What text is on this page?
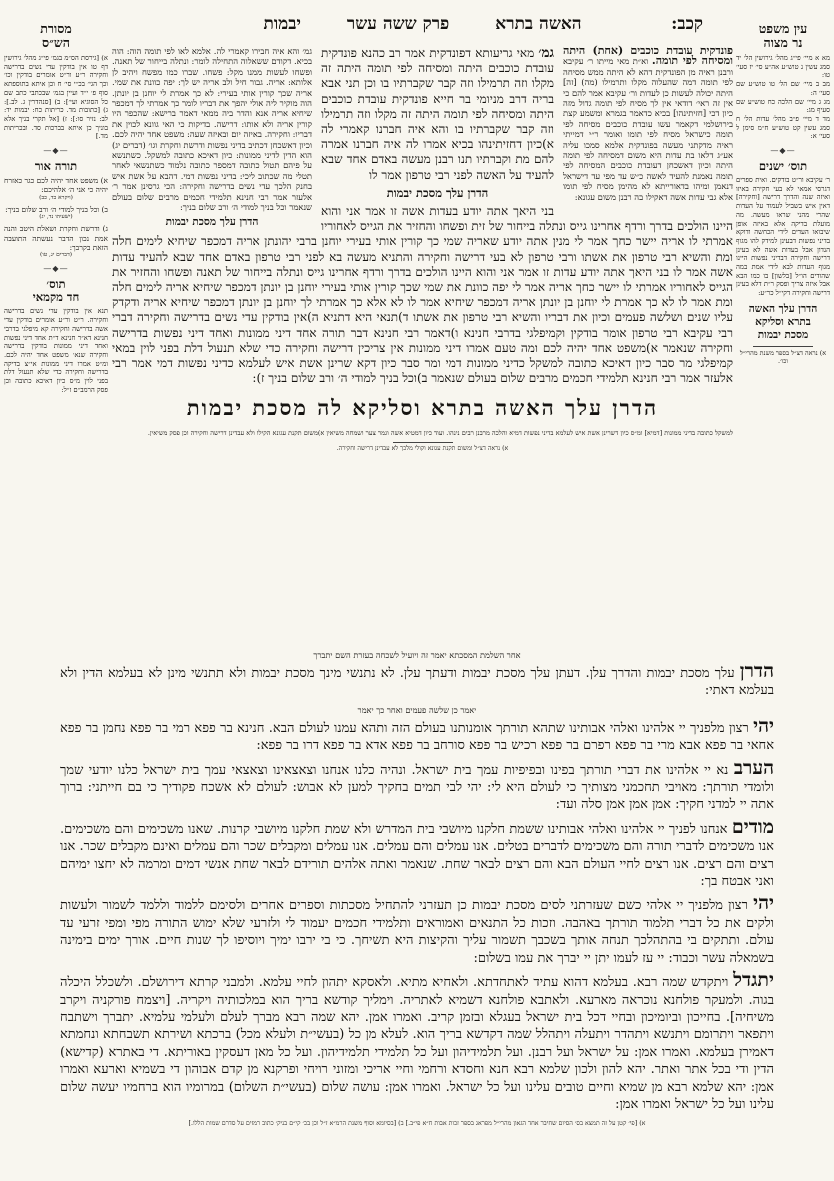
האשה בתרא
פרק ששה עשר
יבמות	קכב:	עין משפט
נר מצוה
מא א מיי׳ פי״ג מהל׳ גירושין הל׳ יד סמג עשין נ טוש״ע אה״ע סי׳ יז סעי׳ טו:
מב ב מיי׳ שם הל׳ טו טוש״ע שם סעי׳ ה:
מג ג מיי׳ שם הלכה כח טוש״ע שם סעיף מג:
מד ד מיי׳ פ״ב מהל׳ עדות הל׳ ח סמג עשין קט טוש״ע ח״מ סימן ל סעי׳ א:
—◆—
תוס׳ ישנים
ר׳ עקיבא ור״ט בודקים. ואית ספרים דגרסי אמאי לא בעי חקירה באיזו ואיזה שנה והדרך דרישה [וחקירה] דאין איש בשביל לעמוד על העדות שהרי מהני שראו מעשה. מה מועלת בדיקה אלא באיזה אופן שיבואו העדים לידי הכחשה ודוקא בדיני נפשות דבעינן למידק להו מגוף הנדון אבל בעדות אשה לא בעינן דרישה וחקירה דבדיני נפשות היינו מגוף העדות לבא לידי אמת במה שהודים הו״ל [בלשון] בו כמו הבא אבל איזה צריך ופסק ר״ת דלא בעינן דרישה וחקירה דקי״ל כר״ע:
הדרן עלך האשה
בתרא וסליקא
מסכת יבמות
א) נראה דצ״ל בספר משנת מהרי״ל וכו׳.
מסורת
הש״ס
א) [גירסת הס״מ בגמ׳ פי״ג מהל׳ גירושין דף טו אין בודקין עדי נשים בדרישה וחקירה ר״ע ור״ט אומרים בודקין וכו׳ וכך הגי׳ בכ״י סי׳ ח וכן איתא בתוספתא סוף פ׳ י״ד ועיין בגמ׳ שבכתבי כתב שם כל הסוגיא ועי׳]: ב) [סנהדרין ג. לב.]: ג) [כתובות מד. כריתות כח: יבמות יד: לב: נזיר סו:]: ז) [אל תקרי בניך אלא בוניך כן איתא בברכות סד. ובכריתות מד.]
—◆—
תורה אור
א) משפט אחד יהיה לכם כגר כאזרח יהיה כי אני ה׳ אלהיכם:
(ויקרא כד, כב)
ב) וכל בניך למודי ה׳ ורב שלום בניך:
(ישעיהו נד, יג)
ג) ודרשת וחקרת ושאלת היטב והנה אמת נכון הדבר נעשתה התועבה הזאת בקרבך:
(דברים יג, טו)
—◆—
תוס׳
חד מקמאי
תנא אין בודקין עדי נשים בדרישה וחקירה. ר״ט ור״ע אומרים בודקין עדי אשה בדרישה וחקירה קא מיפלגי בדרבי חנינא דא״ר חנינא ד״ת אחד דיני נפשות ואחד דיני ממונות בודקין בדרישה וחקירה שנא׳ משפט אחד יהיה לכם. ומ״ט אמרו דיני ממונות אי״צ בדיקה בדרישה וחקירה כדי שלא תנעול דלת בפני לוין מ״ס כיון דאיכא כתובה וכן פסק הרמב״ם ז״ל:
פונדקית עובדת כוכבים (אחת) היתה ומסיחה לפי תומה. וא״ת מאי מייתו ר׳ עקיבא ורבנן ראיה מן הפונדקית דהא לא היתה ממש מסיחה לפי תומה דמה שהעלוה מקלו ותרמילו (מה) [זה] היתה יכולה לעשות כן לעדות ור׳ עקיבא אמר להם כי אין זה ראי׳ דודאי אין לך מסיח לפי תומה גדול מזה כיון דכי [חזיתינהו] בכיא כדאמר בגמרא ומשמע קצת בירושלמי דקאמר עשו עובדת כוכבים מסיחה לפי תומה כישראל מסיח לפי תומו ואומר ר״י דמייתי ראיה מדקתני מעשה בפונדקית אלמא סמכו עליה אע״ג דלאו בת עדות היא משום דמסיחה לפי תומה היתה וכיון דאשכחן דעובדת כוכבים המסיחה לפי תומה נאמנת להעיד לאשה כ״ש עד מפי עד דישראל דנאמן ומיהו בדאורייתא לא מהימן מסיח לפי תומו אלא גבי עדות אשה דאקילו בה רבנן משום עגונא:
גמ׳ והא איה חבירו קאמרי לה. אלמא לאו לפי תומה הוה: הוה בכיא. דקודם ששאלוה התחילה לומר: ונתלה בייחור של תאנה. ופשחו לעשות ממנו מקל: פשחו. שברו כמו מפשח ויהיב לן אלותא: אריה. גבור חיל ולב אריה יש לך: יפה כוונת את שמי. אריה שכך קורין אותי בעירי: לא כך אמרת לי יוחנן בן יונתן. הוה מוקיר ליה אולי יהפך את דבריו לומר כך אמרתי לך דמכפר שיחיא אריה אנא והדר ביה ממאי דאמר ברישא: שהכפר היו קורין אריה ולא אותו: דרישה. בדיקות כי האי גוונא לכוין את דבריו: וחקירה. באיזה יום ובאיזה שעה: משפט אחד יהיה לכם. וכיון דאשכחן דכתיב בדיני נפשות ודרשת וחקרת וגו׳ (דברים יג) הוא הדין לדיני ממונות: כיון דאיכא כתובה למשקל. כשתנשא על פיהם תטול כתובה דמספר כתובה נלמוד כשתנשאי לאחר תטלי מה שכתוב ליכי: בדיני נפשות דמי. דהבא על אשת איש בחנק הלכך עדי נשים בדרישה וחקירה: הכי גרסינן אמר ר׳ אלעזר אמר רבי חנינא תלמידי חכמים מרבים שלום בעולם שנאמר וכל בניך למודי ה׳ ורב שלום בניך:
הדרן עלך מסכת יבמות
גמ׳ מאי גריעותא דפונדקית אמר רב כהנא פונדקית עובדת כוכבים היתה ומסיחה לפי תומה היתה זה מקלו וזה תרמילו וזה קבר שקברתיו בו וכן תני אבא בריה דרב מניומי בר חייא פונדקית עובדת כוכבים היתה ומסיחה לפי תומה היתה זה מקלו וזה תרמילו וזה קבר שקברתיו בו והא איה חברנו קאמרי לה א)כיון דחזיתינהו בכיא אמרו לה איה חברנו אמרה להם מת וקברתיו תנו רבנן מעשה באדם אחד שבא להעיד על האשה לפני רבי טרפון אמר לו
הדרן עלך מסכת יבמות
בני היאך אתה יודע בעדות אשה זו אמר אני והוא היינו הולכים בדרך ורדף אחרינו גייס ונתלה בייחור של זית ופשחו והחזיר את הגייס לאחוריו אמרתי לו אריה יישר כחך אמר לי מנין אתה יודע שאריה שמי כך קורין אותי בעירי יוחנן ברבי יהונתן אריה דמכפר שיחיא לימים חלה ומת והשיא רבי טרפון את אשתו ורבי טרפון לא בעי דרישה וחקירה והתניא מעשה בא לפני רבי טרפון באדם אחד שבא להעיד עדות אשה אמר לו בני היאך אתה יודע עדות זו אמר אני והוא היינו הולכים בדרך ורדף אחרינו גייס ונתלה בייחור של תאנה ופשחו והחזיר את הגייס לאחוריו אמרתי לו יישר כחך אריה אמר לי יפה כוונת את שמי שכך קורין אותי בעירי יוחנן בן יונתן דמכפר שיחיא אריה לימים חלה ומת אמר לו לא כך אמרת לי יוחנן בן יונתן אריה דמכפר שיחיא אמר לו לא אלא כך אמרתי לך יוחנן בן יונתן דמכפר שיחיא אריה ודקדק עליו שנים ושלשה פעמים וכיון את דבריו והשיא רבי טרפון את אשתו ד)תנאי היא דתניא ה)אין בודקין עדי נשים בדרישה וחקירה דברי רבי עקיבא רבי טרפון אומר בודקין וקמיפלגי בדרבי חנינא ו)דאמר רבי חנינא דבר תורה אחד דיני ממונות ואחד דיני נפשות בדרישה וחקירה שנאמר א)משפט אחד יהיה לכם ומה טעם אמרו דיני ממונות אין צריכין דרישה וחקירה כדי שלא תנעול דלת בפני לוין במאי קמיפלגי מר סבר כיון דאיכא כתובה למשקל כדיני ממונות דמי ומר סבר כיון דקא שרינן אשת איש לעלמא כדיני נפשות דמי אמר רבי אלעזר אמר רבי חנינא תלמידי חכמים מרבים שלום בעולם שנאמר ב)וכל בניך למודי ה׳ ורב שלום בניך ז):
הדרן עלך האשה בתרא וסליקא לה מסכת יבמות
למשקל כתובה בדיני ממונות [דמיא] ומ״ס כיון דשרינן אשת איש לעלמא בדיני נפשות דמיא והלכה מרבנן רבים נינהו. ועוד כיון דמטיא אשה וגמר צער ושמחה משיאין א)משום תקנת עגונא הקילו ולא עבדינן דרישה וחקירה וכן פסק משיאין.
א) נראה דצ״ל ומשום תקנת עגונא וקולי מלכך לא עבדינן דרישה וחקירה.
אחר השלמת המסכתא יאמר זה ויועיל לשכחה בעזרת השם יתברך

הדרן עלך מסכת יבמות והדרך עלן. דעתן עלך מסכת יבמות ודעתך עלן. לא נתנשי מינך מסכת יבמות ולא תתנשי מינן לא בעלמא הדין ולא בעלמא דאתי:

יאמר כן שלשה פעמים ואחר כך יאמר

יהי רצון מלפניך יי אלהינו ואלהי אבותינו שתהא תורתך אומנותנו בעולם הזה ותהא עמנו לעולם הבא. חנינא בר פפא רמי בר פפא נחמן בר פפא אחאי בר פפא אבא מרי בר פפא רפרם בר פפא רכיש בר פפא סורחב בר פפא אדא בר פפא דרו בר פפא:

הערב נא יי אלהינו את דברי תורתך בפינו ובפיפיות עמך בית ישראל. ונהיה כלנו אנחנו וצאצאינו וצאצאי עמך בית ישראל כלנו יודעי שמך ולומדי תורתך: מאויבי תחכמני מצותיך כי לעולם היא לי: יהי לבי תמים בחקיך למען לא אבוש: לעולם לא אשכח פקודיך כי בם חייתני: ברוך אתה יי למדני חקיך: אמן אמן אמן סלה ועד:

מודים אנחנו לפניך יי אלהינו ואלהי אבותינו ששמת חלקנו מיושבי בית המדרש ולא שמת חלקנו מיושבי קרנות. שאנו משכימים והם משכימים. אנו משכימים לדברי תורה והם משכימים לדברים בטלים. אנו עמלים והם עמלים. אנו עמלים ומקבלים שכר והם עמלים ואינם מקבלים שכר. אנו רצים והם רצים. אנו רצים לחיי העולם הבא והם רצים לבאר שחת. שנאמר ואתה אלהים תורידם לבאר שחת אנשי דמים ומרמה לא יחצו ימיהם ואני אבטח בך:

יהי רצון מלפניך יי אלהי כשם שעזרתני לסים מסכת יבמות כן תעזרני להתחיל מסכתות וספרים אחרים ולסימם ללמוד וללמד לשמור ולעשות ולקים את כל דברי תלמוד תורתך באהבה. וזכות כל התנאים ואמוראים ותלמידי חכמים יעמוד לי ולזרעי שלא ימוש התורה מפי ומפי זרעי עד עולם. ותתקים בי בהתהלכך תנחה אותך בשכבך תשמור עליך והקיצות היא תשיחך. כי בי ירבו ימיך ויוסיפו לך שנות חיים. אורך ימים בימינה בשמאלה עשר וכבוד: יי עז לעמו יתן יי יברך את עמו בשלום:

יתגדל ויתקדש שמה רבא. בעלמא דהוא עתיד לאתחדתא. ולאחיא מתיא. ולאסקא יתהון לחיי עלמא. ולמבני קרתא דירושלם. ולשכלל היכלה בגוה. ולמעקר פולחנא נוכראה מארעא. ולאתבא פולחנא דשמיא לאתריה. וימליך קודשא בריך הוא במלכותיה ויקריה. [ויצמח פורקניה ויקרב משיחיה]. בחייכון וביומיכון ובחיי דכל בית ישראל בעגלא ובזמן קריב. ואמרו אמן. יהא שמה רבא מברך לעלם ולעלמי עלמיא. יתברך וישתבח ויתפאר ויתרומם ויתנשא ויתהדר ויתעלה ויתהלל שמה דקדשא בריך הוא. לעלא מן כל (בעשי״ת ולעלא מכל) ברכתא ושירתא תשבחתא ונחמתא דאמירן בעלמא. ואמרו אמן: על ישראל ועל רבנן. ועל תלמידיהון ועל כל תלמידי תלמידיהון. ועל כל מאן דעסקין באוריתא. די באתרא (קדישא) הדין ודי בכל אתר ואתר. יהא להון ולכון שלמא רבא חנא וחסדא ורחמי וחיי אריכי ומזוני רויחי ופרקנא מן קדם אבוהון די בשמיא וארעא ואמרו אמן: יהא שלמא רבא מן שמיא וחיים טובים עלינו ועל כל ישראל. ואמרו אמן: עושה שלום (בעשי״ת השלום) במרומיו הוא ברחמיו יעשה שלום עלינו ועל כל ישראל ואמרו אמן:

א) [פי׳ קטן על זה תמצא בס׳ הסיום שחיבר אחד הגאון מהרי״ל מפראג בספר זכות אבות ח״א פי״ב.] ב) [בסיומא וסוף משנת הרמ״א ז״ל וכן בכ׳ קי״ם בניק׳ כתוב רמזים על סדרם שמות הללו.]
